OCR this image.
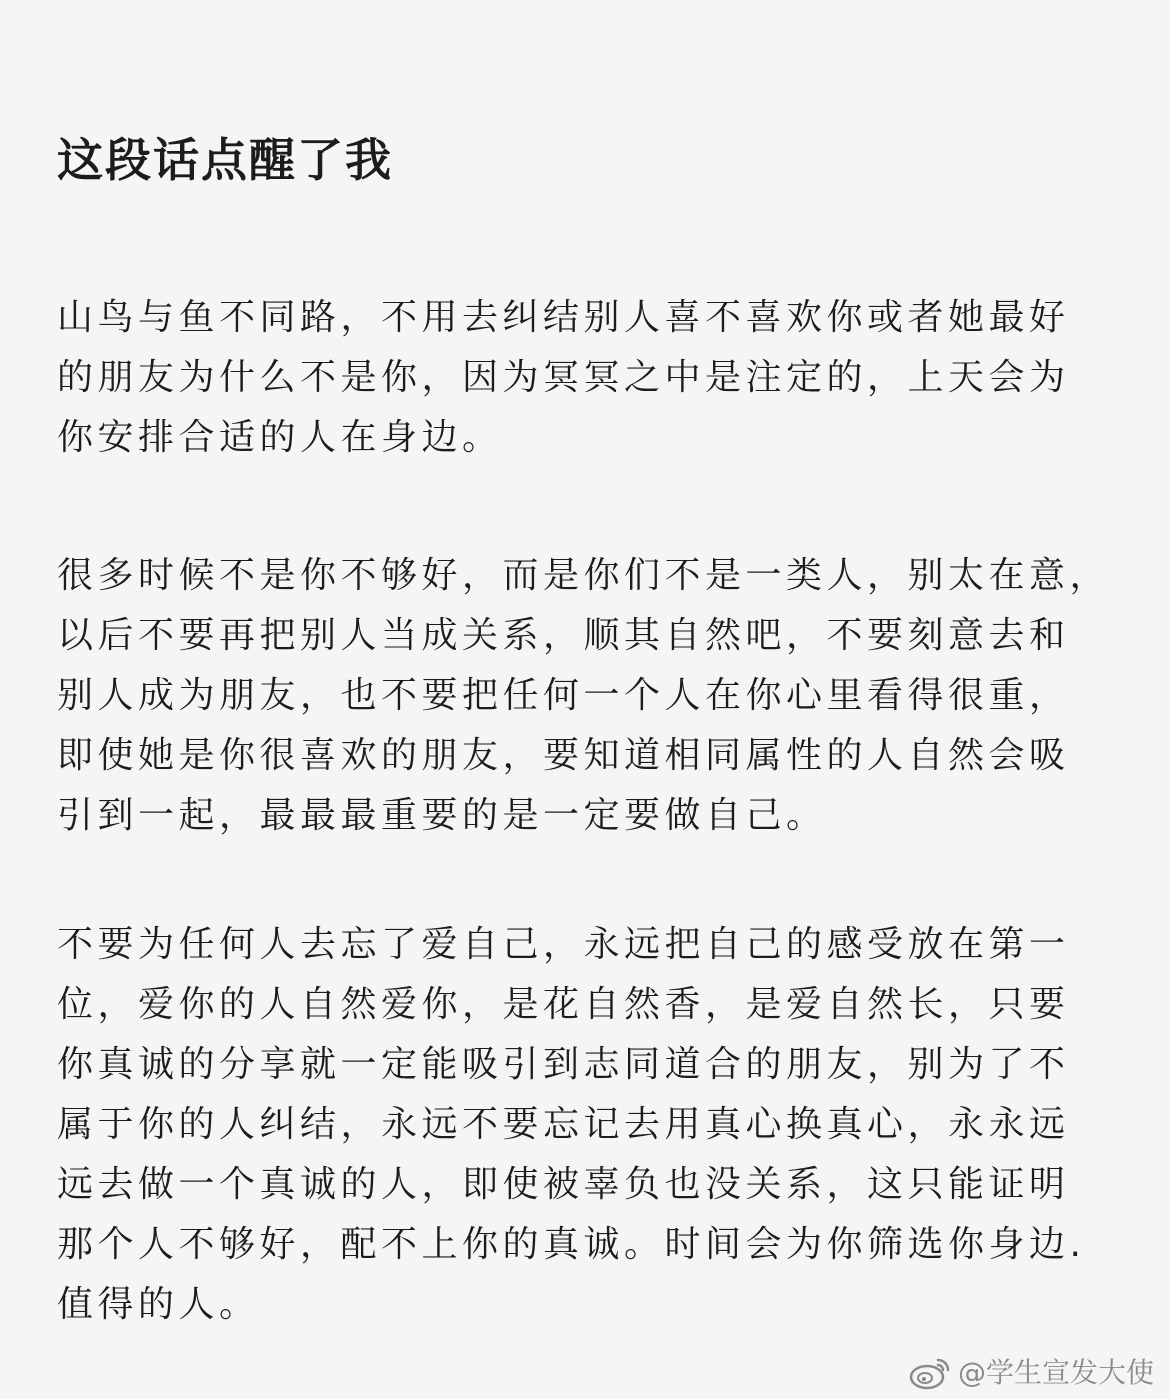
这段话点醒了我
山鸟与鱼不同路，不用去纠结别人喜不喜欢你或者她最好
的朋友为什么不是你，因为冥冥之中是注定的，上天会为
你安排合适的人在身边。
很多时候不是你不够好，而是你们不是一类人，别太在意，
以后不要再把别人当成关系，顺其自然吧，不要刻意去和
别人成为朋友，也不要把任何一个人在你心里看得很重，
即使她是你很喜欢的朋友，要知道相同属性的人自然会吸
引到一起，最最最重要的是一定要做自己。
不要为任何人去忘了爱自己，永远把自己的感受放在第一
位，爱你的人自然爱你，是花自然香，是爱自然长，只要
你真诚的分享就一定能吸引到志同道合的朋友，别为了不
属于你的人纠结，永远不要忘记去用真心换真心，永永远
远去做一个真诚的人，即使被辜负也没关系，这只能证明
那个人不够好，配不上你的真诚。时间会为你筛选你身边.
值得的人。
@学生宣发大使
